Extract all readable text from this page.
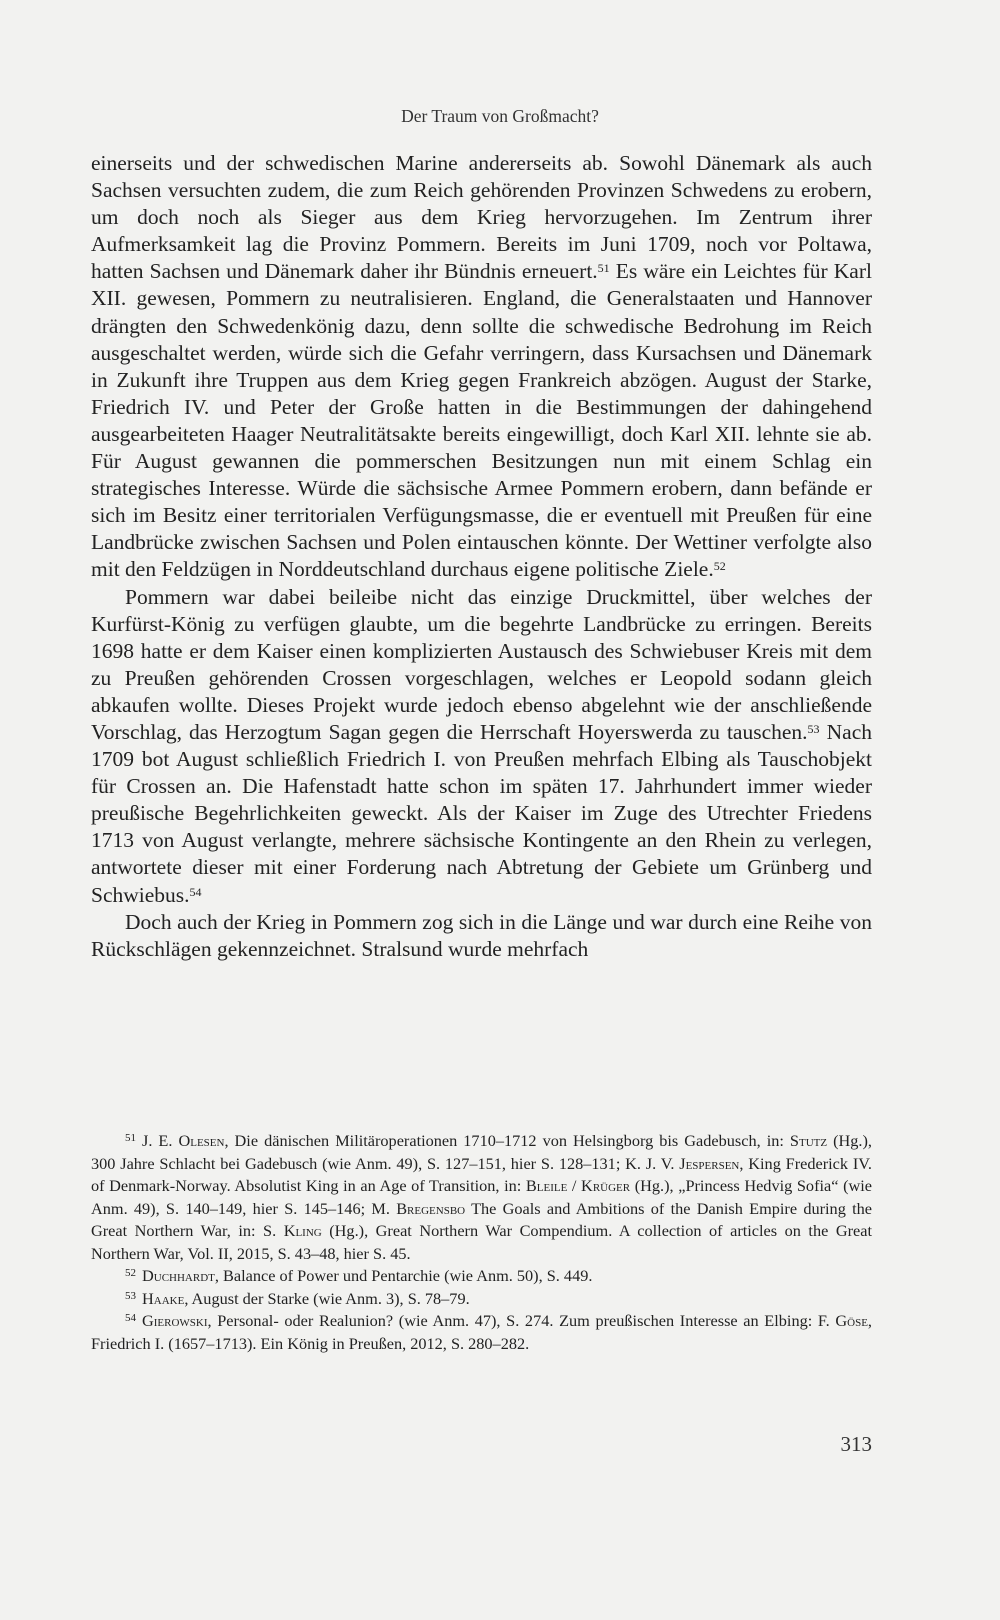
Der Traum von Großmacht?

einerseits und der schwedischen Marine andererseits ab. Sowohl Dänemark als auch Sachsen versuchten zudem, die zum Reich gehörenden Provinzen Schwedens zu erobern, um doch noch als Sieger aus dem Krieg hervorzugehen. Im Zentrum ihrer Aufmerksamkeit lag die Provinz Pommern. Bereits im Juni 1709, noch vor Poltawa, hatten Sachsen und Dänemark daher ihr Bündnis erneuert.$^{51}$ Es wäre ein Leichtes für Karl XII. gewesen, Pommern zu neutralisieren. England, die Generalstaaten und Hannover drängten den Schwedenkönig dazu, denn sollte die schwedische Bedrohung im Reich ausgeschaltet werden, würde sich die Gefahr verringern, dass Kursachsen und Dänemark in Zukunft ihre Truppen aus dem Krieg gegen Frankreich abzögen. August der Starke, Friedrich IV. und Peter der Große hatten in die Bestimmungen der dahingehend ausgearbeiteten Haager Neutralitätsakte bereits eingewilligt, doch Karl XII. lehnte sie ab. Für August gewannen die pommerschen Besitzungen nun mit einem Schlag ein strategisches Interesse. Würde die sächsische Armee Pommern erobern, dann befände er sich im Besitz einer territorialen Verfügungsmasse, die er eventuell mit Preußen für eine Landbrücke zwischen Sachsen und Polen eintauschen könnte. Der Wettiner verfolgte also mit den Feldzügen in Norddeutschland durchaus eigene politische Ziele.$^{52}$

Pommern war dabei beileibe nicht das einzige Druckmittel, über welches der Kurfürst-König zu verfügen glaubte, um die begehrte Landbrücke zu erringen. Bereits 1698 hatte er dem Kaiser einen komplizierten Austausch des Schwiebuser Kreis mit dem zu Preußen gehörenden Crossen vorgeschlagen, welches er Leopold sodann gleich abkaufen wollte. Dieses Projekt wurde jedoch ebenso abgelehnt wie der anschließende Vorschlag, das Herzogtum Sagan gegen die Herrschaft Hoyerswerda zu tauschen.$^{53}$ Nach 1709 bot August schließlich Friedrich I. von Preußen mehrfach Elbing als Tauschobjekt für Crossen an. Die Hafenstadt hatte schon im späten 17. Jahrhundert immer wieder preußische Begehrlichkeiten geweckt. Als der Kaiser im Zuge des Utrechter Friedens 1713 von August verlangte, mehrere sächsische Kontingente an den Rhein zu verlegen, antwortete dieser mit einer Forderung nach Abtretung der Gebiete um Grünberg und Schwiebus.$^{54}$

Doch auch der Krieg in Pommern zog sich in die Länge und war durch eine Reihe von Rückschlägen gekennzeichnet. Stralsund wurde mehrfach

$^{51}$ J. E. Olesen, Die dänischen Militäroperationen 1710–1712 von Helsingborg bis Gadebusch, in: Stutz (Hg.), 300 Jahre Schlacht bei Gadebusch (wie Anm. 49), S. 127–151, hier S. 128–131; K. J. V. Jespersen, King Frederick IV. of Denmark-Norway. Absolutist King in an Age of Transition, in: Bleile / Krüger (Hg.), „Princess Hedvig Sofia“ (wie Anm. 49), S. 140–149, hier S. 145–146; M. Bregensbo The Goals and Ambitions of the Danish Empire during the Great Northern War, in: S. Kling (Hg.), Great Northern War Compendium. A collection of articles on the Great Northern War, Vol. II, 2015, S. 43–48, hier S. 45.

$^{52}$ Duchhardt, Balance of Power und Pentarchie (wie Anm. 50), S. 449.

$^{53}$ Haake, August der Starke (wie Anm. 3), S. 78–79.

$^{54}$ Gierowski, Personal- oder Realunion? (wie Anm. 47), S. 274. Zum preußischen Interesse an Elbing: F. Göse, Friedrich I. (1657–1713). Ein König in Preußen, 2012, S. 280–282.

313
